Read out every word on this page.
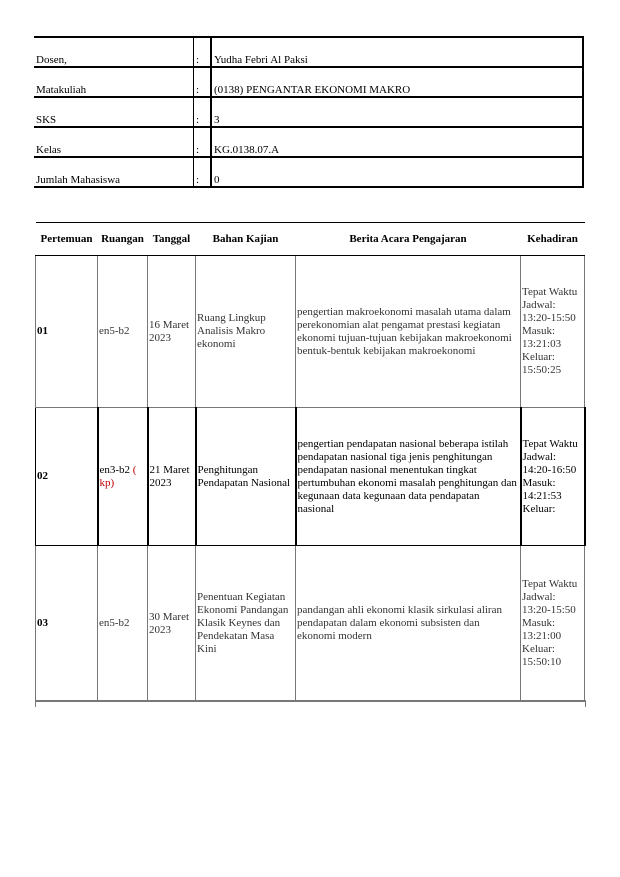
Dosen,	:	Yudha Febri Al Paksi
Matakuliah	:	(0138) PENGANTAR EKONOMI MAKRO
SKS	:	3
Kelas	:	KG.0138.07.A
Jumlah Mahasiswa	:	0
Pertemuan	Ruangan	Tanggal	Bahan Kajian	Berita Acara Pengajaran	Kehadiran
01	en5-b2	16 Maret 2023	Ruang Lingkup Analisis Makro ekonomi	pengertian makroekonomi masalah utama dalam perekonomian alat pengamat prestasi kegiatan ekonomi tujuan-tujuan kebijakan makroekonomi bentuk-bentuk kebijakan makroekonomi	Tepat Waktu Jadwal: 13:20-15:50 Masuk: 13:21:03 Keluar: 15:50:25
02	en3-b2 ( kp)	21 Maret 2023	Penghitungan Pendapatan Nasional	pengertian pendapatan nasional beberapa istilah pendapatan nasional tiga jenis penghitungan pendapatan nasional menentukan tingkat pertumbuhan ekonomi masalah penghitungan dan kegunaan data kegunaan data pendapatan nasional	Tepat Waktu Jadwal: 14:20-16:50 Masuk: 14:21:53 Keluar:
03	en5-b2	30 Maret 2023	Penentuan Kegiatan Ekonomi Pandangan Klasik Keynes dan Pendekatan Masa Kini	pandangan ahli ekonomi klasik sirkulasi aliran pendapatan dalam ekonomi subsisten dan ekonomi modern	Tepat Waktu Jadwal: 13:20-15:50 Masuk: 13:21:00 Keluar: 15:50:10
